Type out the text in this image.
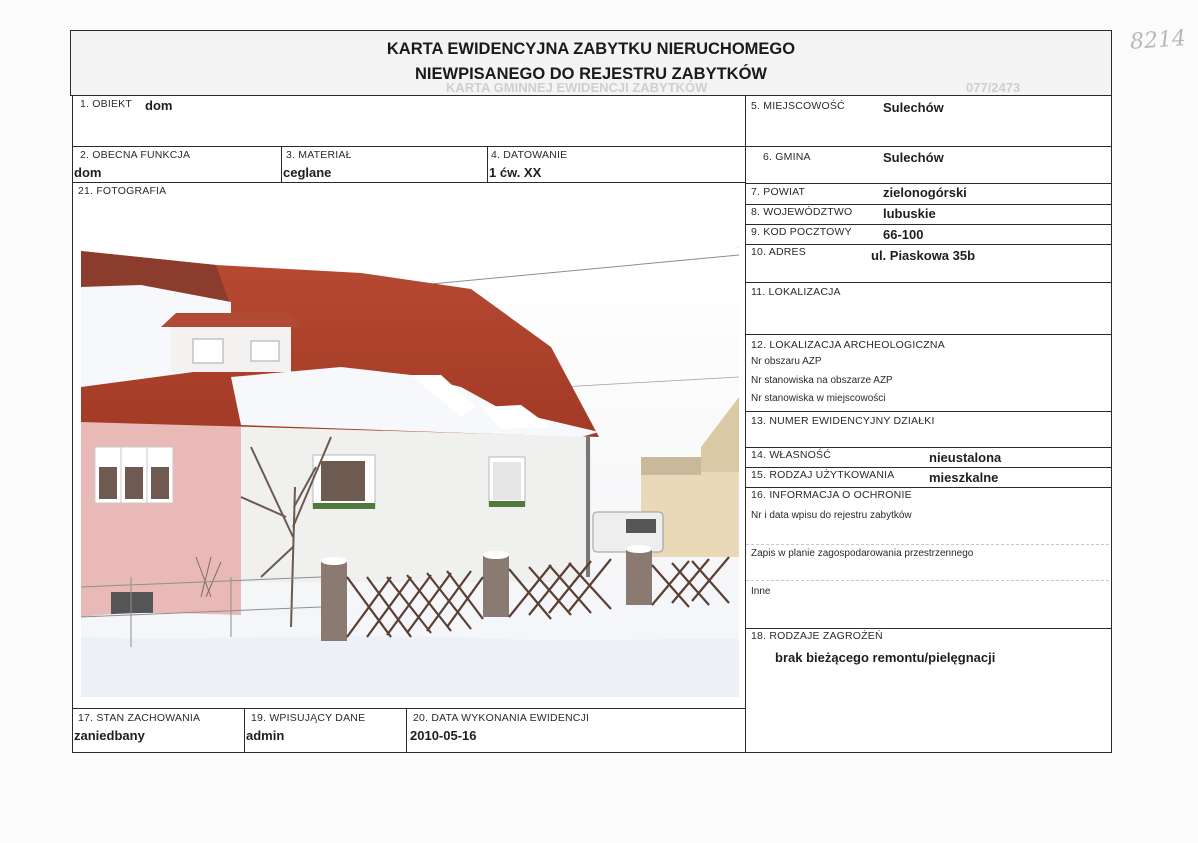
8214
KARTA GMINNEJ EWIDENCJI ZABYTKÓW	077/2473
KARTA EWIDENCYJNA ZABYTKU NIERUCHOMEGO
NIEWPISANEGO DO REJESTRU ZABYTKÓW
1. OBIEKT dom
2. OBECNA FUNKCJA
dom
3. MATERIAŁ
ceglane
4. DATOWANIE
1 ćw. XX
21. FOTOGRAFIA
17. STAN ZACHOWANIA
zaniedbany
19. WPISUJĄCY DANE
admin
20. DATA WYKONANIA EWIDENCJI
2010-05-16
5. MIEJSCOWOŚĆ	Sulechów
6. GMINA	Sulechów
7. POWIAT	zielonogórski
8. WOJEWÓDZTWO lubuskie
9. KOD POCZTOWY 66-100
10. ADRES	ul. Piaskowa 35b
11. LOKALIZACJA
12. LOKALIZACJA ARCHEOLOGICZNA
Nr obszaru AZP
Nr stanowiska na obszarze AZP
Nr stanowiska w miejscowości
13. NUMER EWIDENCYJNY DZIAŁKI
14. WŁASNOŚĆ	nieustalona
15. RODZAJ UŻYTKOWANIA	mieszkalne
16. INFORMACJA O OCHRONIE
Nr i data wpisu do rejestru zabytków
Zapis w planie zagospodarowania przestrzennego
Inne
18. RODZAJE ZAGROŻEŃ
brak bieżącego remontu/pielęgnacji
